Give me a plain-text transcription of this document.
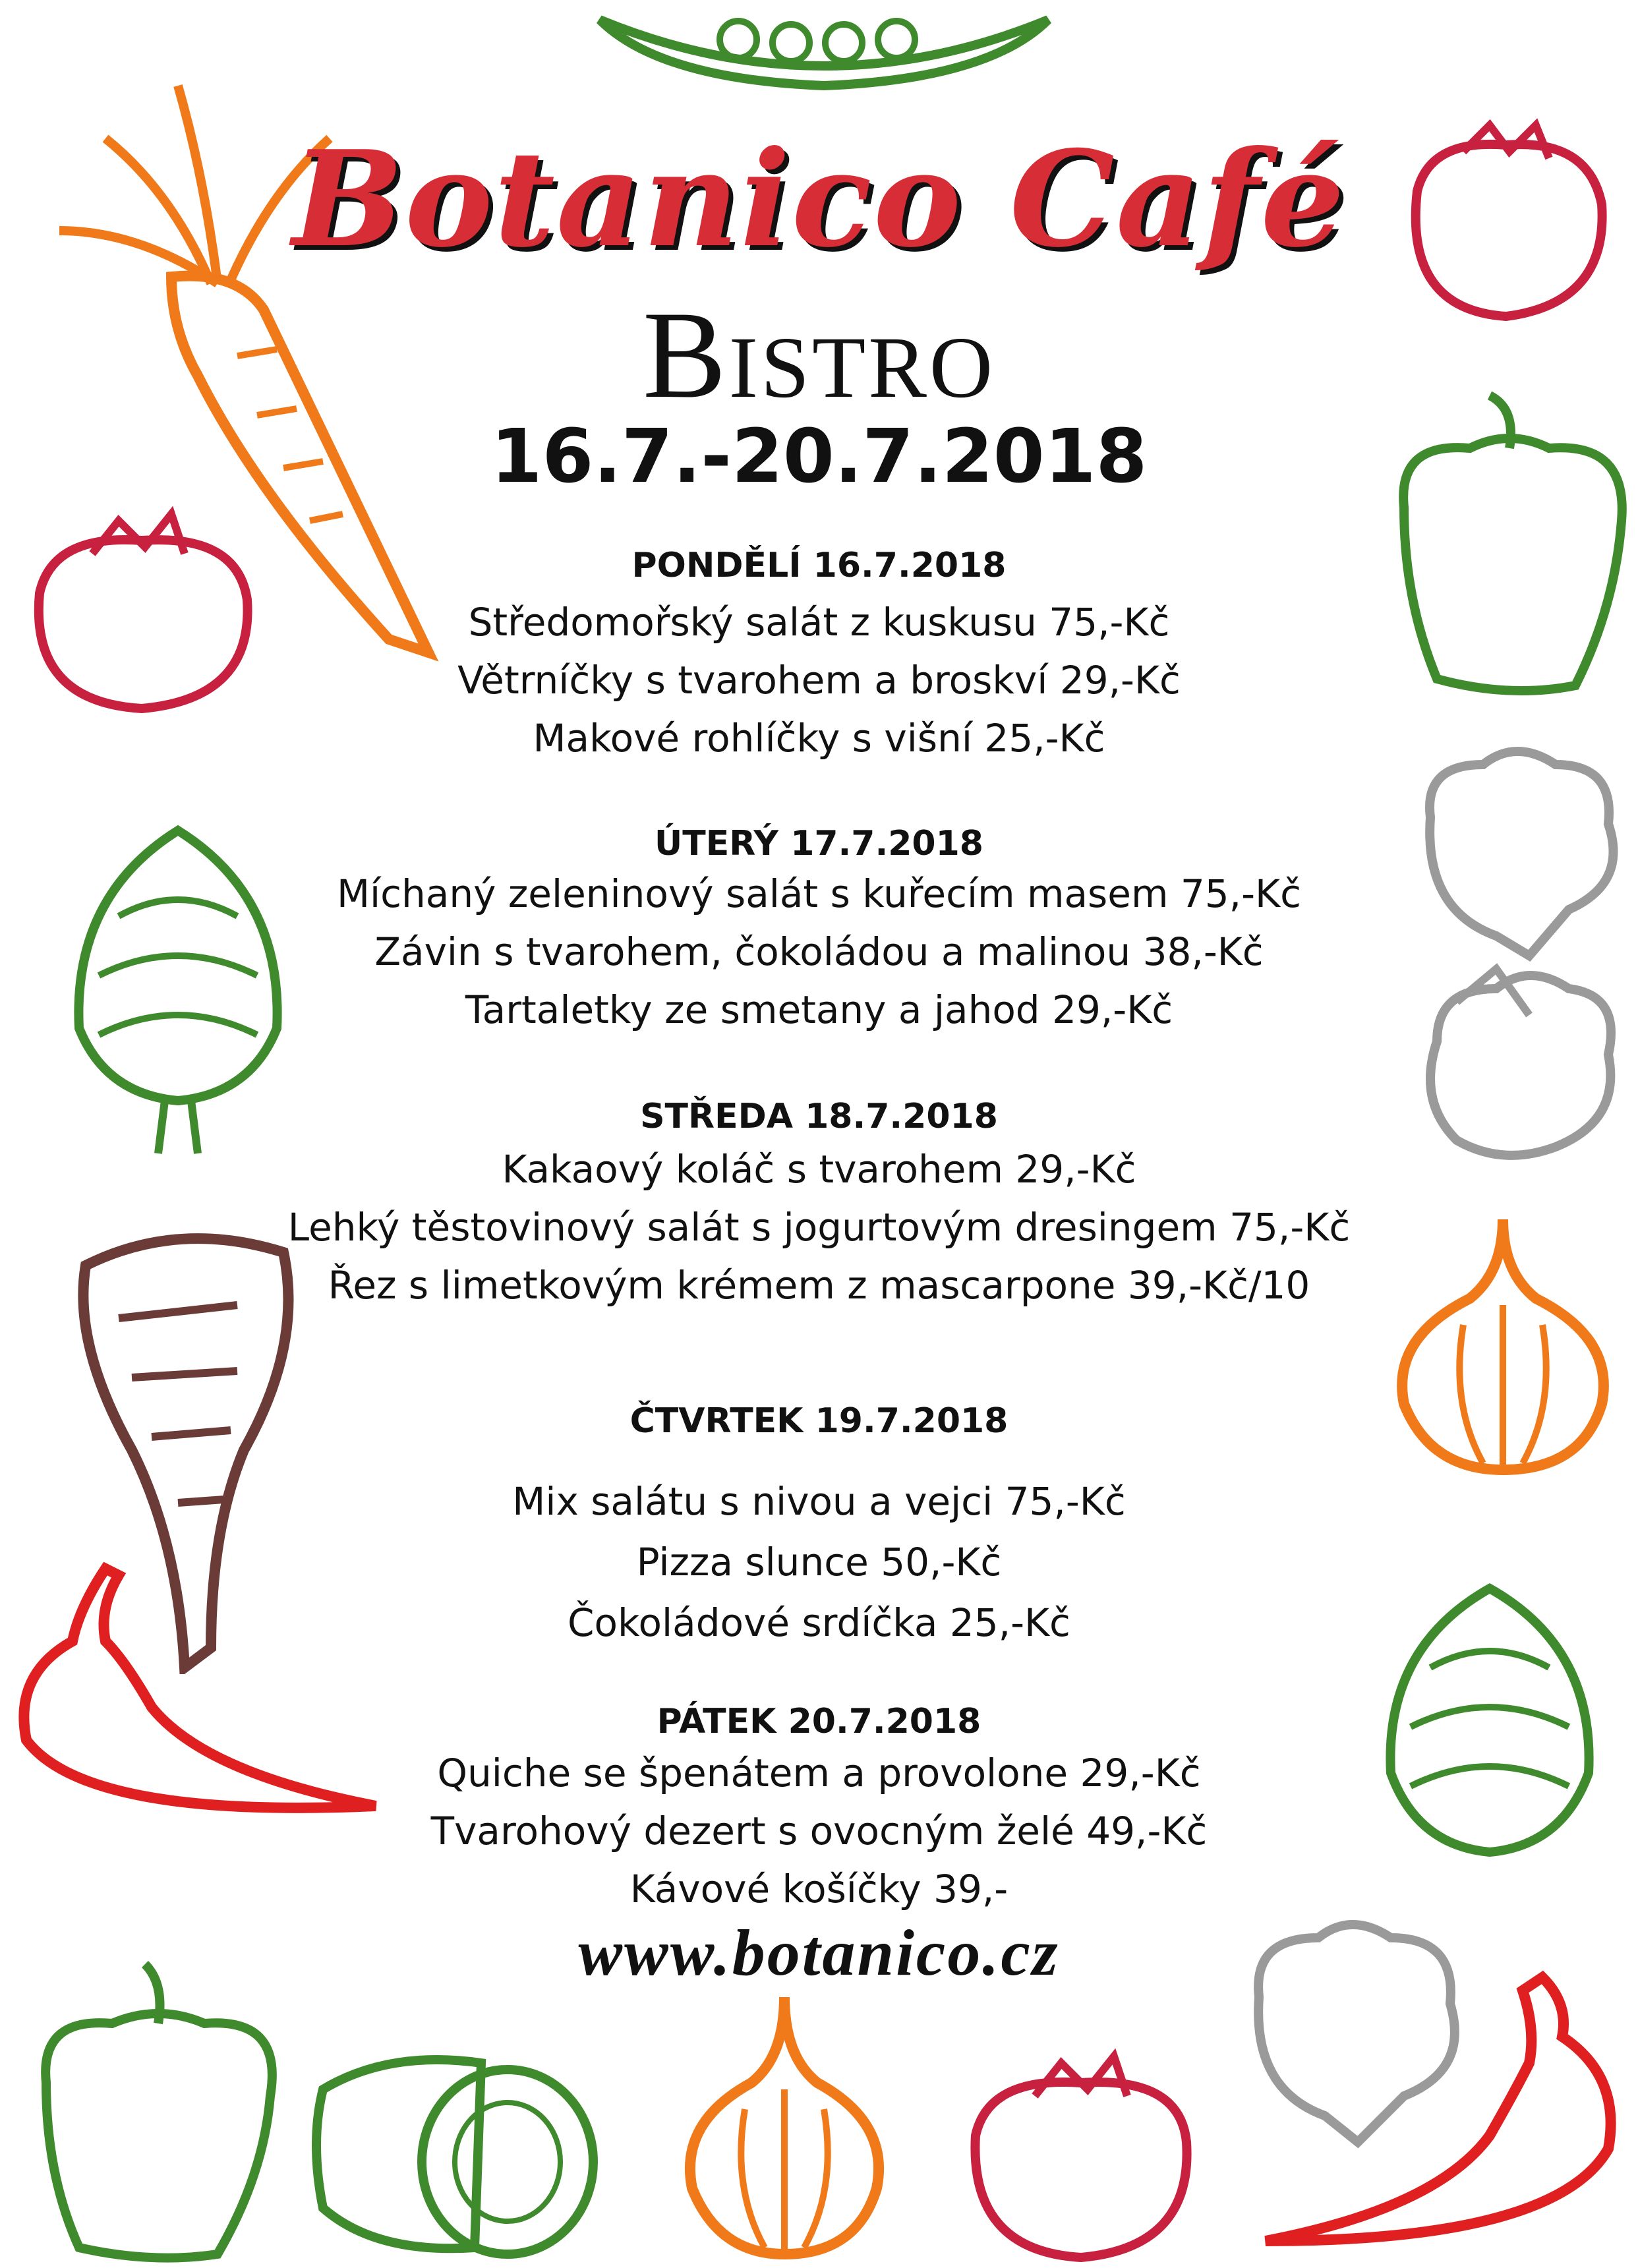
Botanico Café
Bistro
16.7.-20.7.2018
PONDĚLÍ 16.7.2018
Středomořský salát z kuskusu 75,-Kč
Větrníčky s tvarohem a broskví 29,-Kč
Makové rohlíčky s višní 25,-Kč
ÚTERÝ 17.7.2018
Míchaný zeleninový salát s kuřecím masem 75,-Kč
Závin s tvarohem, čokoládou a malinou 38,-Kč
Tartaletky ze smetany a jahod 29,-Kč
STŘEDA 18.7.2018
Kakaový koláč s tvarohem 29,-Kč
Lehký těstovinový salát s jogurtovým dresingem 75,-Kč
Řez s limetkovým krémem z mascarpone 39,-Kč/10
ČTVRTEK 19.7.2018
Mix salátu s nivou a vejci 75,-Kč
Pizza slunce 50,-Kč
Čokoládové srdíčka 25,-Kč
PÁTEK 20.7.2018
Quiche se špenátem a provolone 29,-Kč
Tvarohový dezert s ovocným želé 49,-Kč
Kávové košíčky 39,-
www.botanico.cz
